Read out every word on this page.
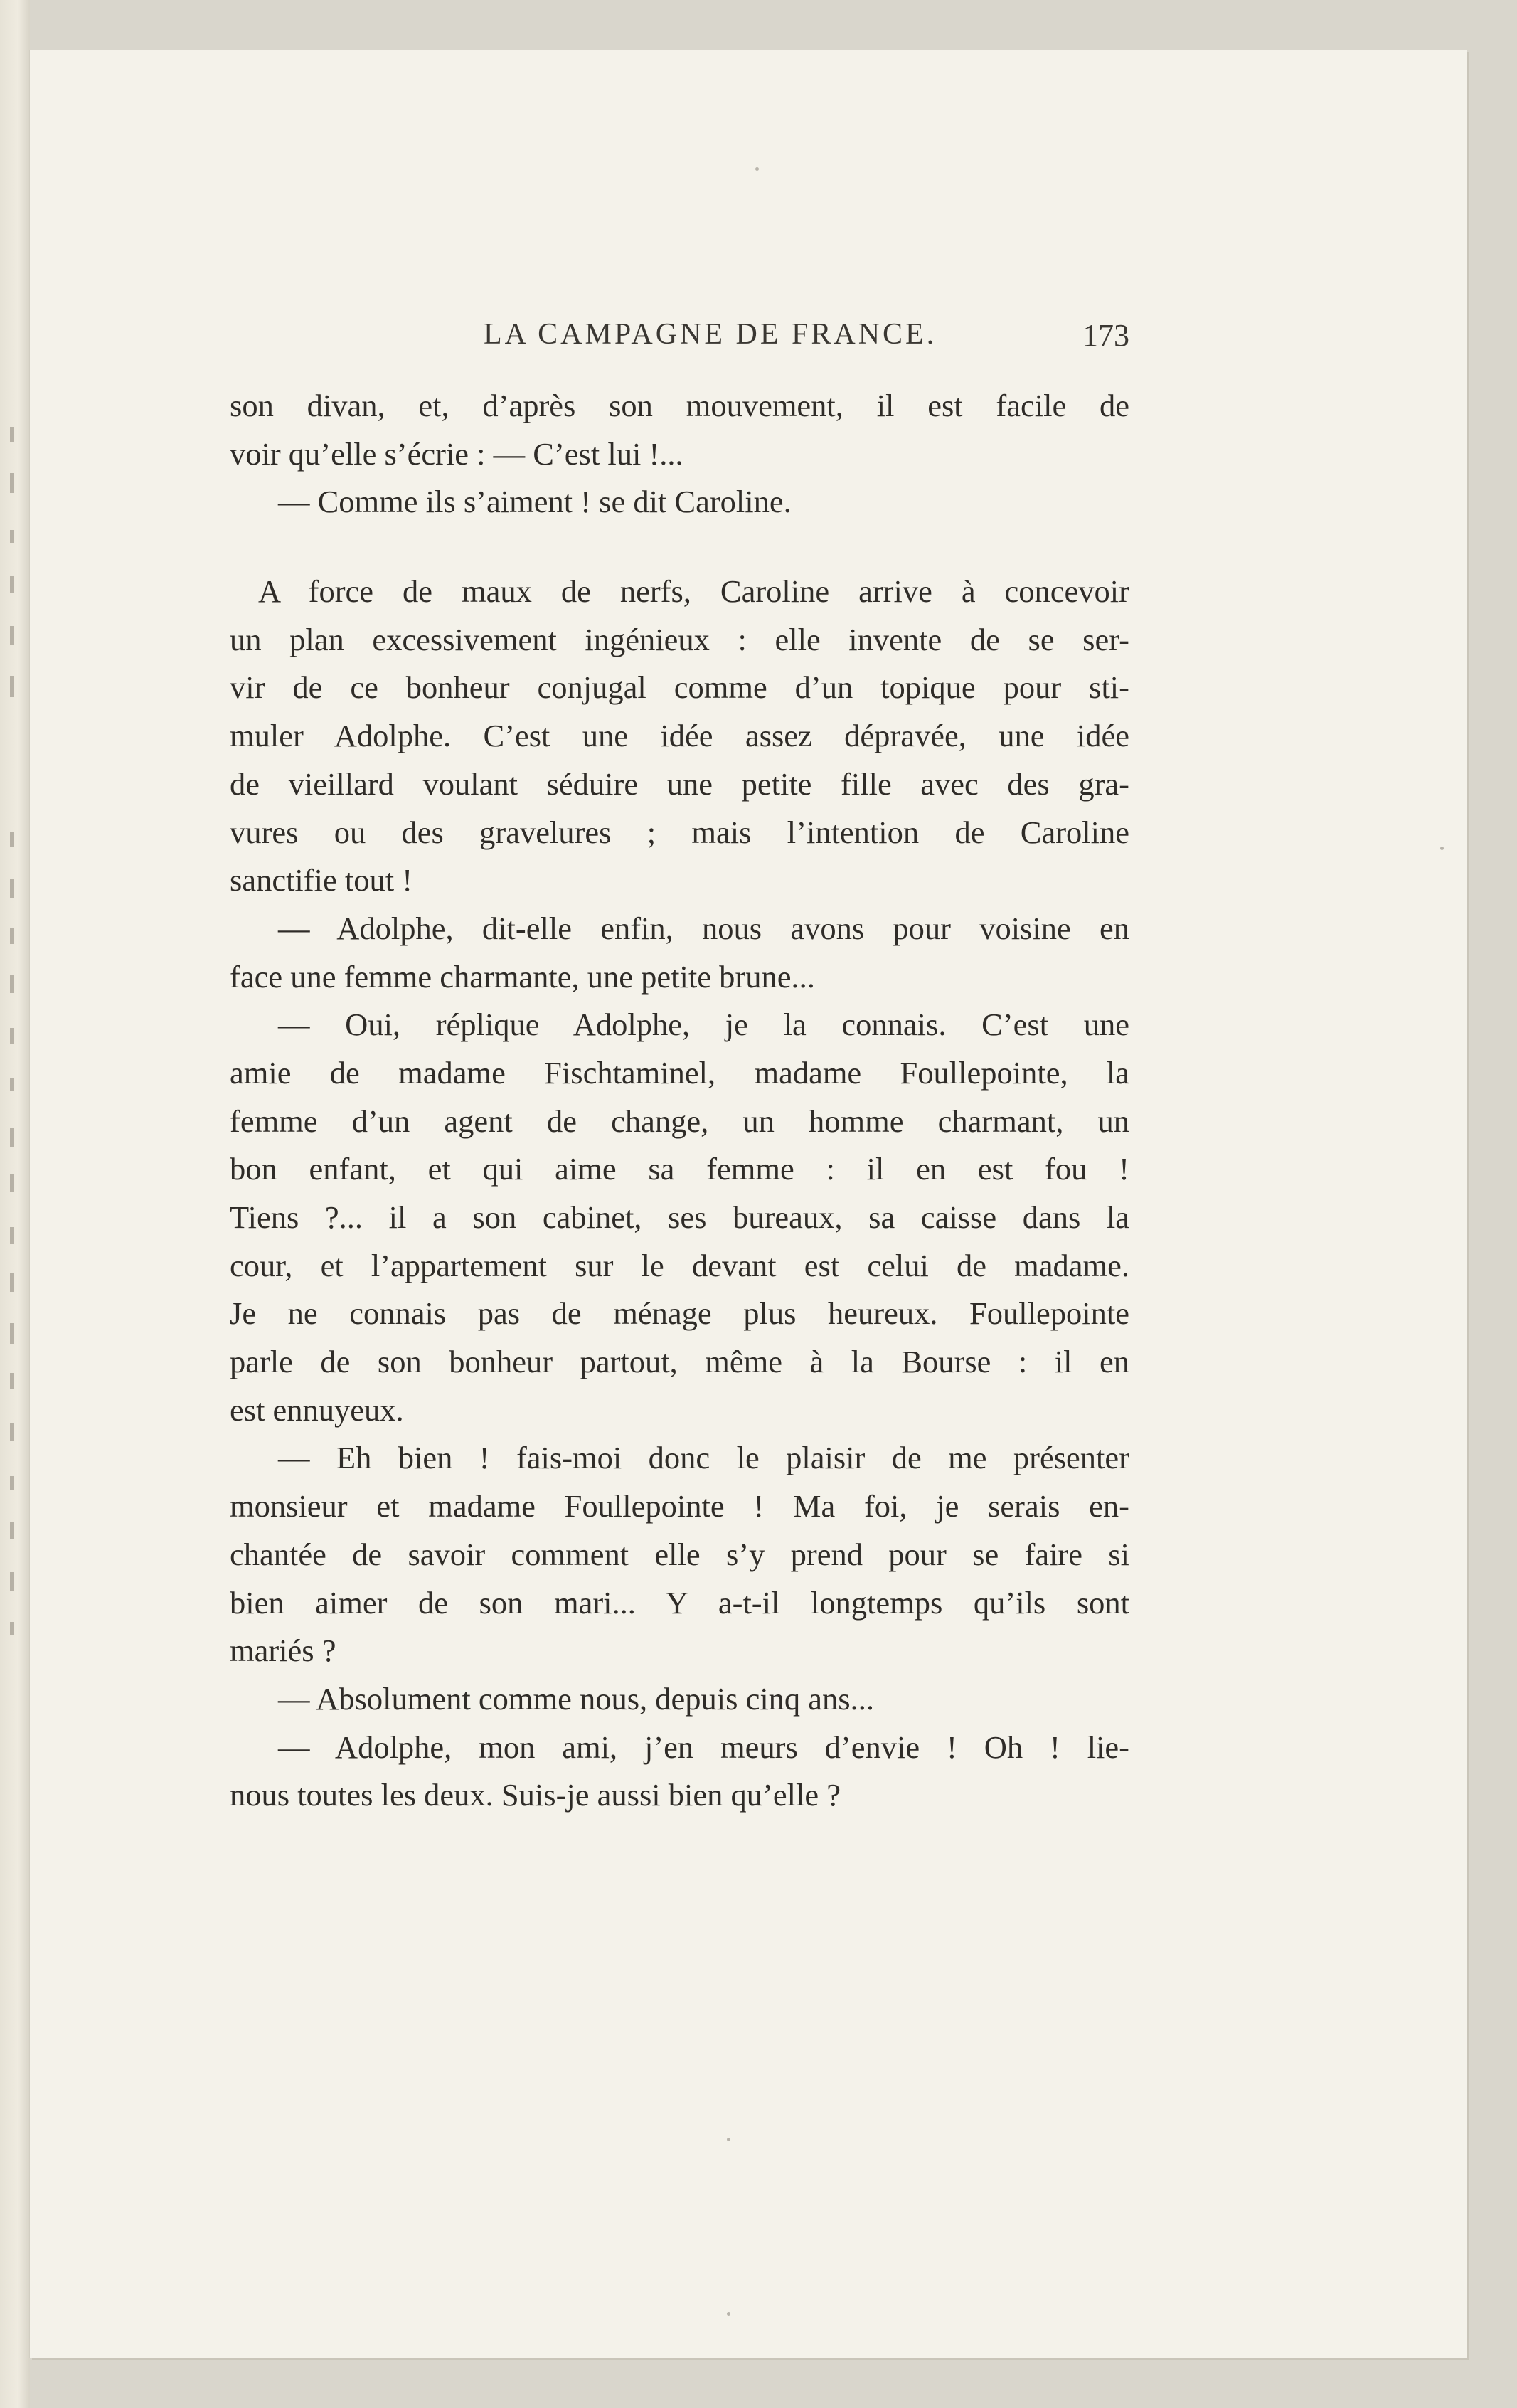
LA CAMPAGNE DE FRANCE.	173
son divan, et, d’après son mouvement, il est facile de
voir qu’elle s’écrie : — C’est lui !...
— Comme ils s’aiment ! se dit Caroline.
A force de maux de nerfs, Caroline arrive à concevoir
un plan excessivement ingénieux : elle invente de se ser-
vir de ce bonheur conjugal comme d’un topique pour sti-
muler Adolphe. C’est une idée assez dépravée, une idée
de vieillard voulant séduire une petite fille avec des gra-
vures ou des gravelures ; mais l’intention de Caroline
sanctifie tout !
— Adolphe, dit-elle enfin, nous avons pour voisine en
face une femme charmante, une petite brune...
— Oui, réplique Adolphe, je la connais. C’est une
amie de madame Fischtaminel, madame Foullepointe, la
femme d’un agent de change, un homme charmant, un
bon enfant, et qui aime sa femme : il en est fou !
Tiens ?... il a son cabinet, ses bureaux, sa caisse dans la
cour, et l’appartement sur le devant est celui de madame.
Je ne connais pas de ménage plus heureux. Foullepointe
parle de son bonheur partout, même à la Bourse : il en
est ennuyeux.
— Eh bien ! fais-moi donc le plaisir de me présenter
monsieur et madame Foullepointe ! Ma foi, je serais en-
chantée de savoir comment elle s’y prend pour se faire si
bien aimer de son mari... Y a-t-il longtemps qu’ils sont
mariés ?
— Absolument comme nous, depuis cinq ans...
— Adolphe, mon ami, j’en meurs d’envie ! Oh ! lie-
nous toutes les deux. Suis-je aussi bien qu’elle ?
